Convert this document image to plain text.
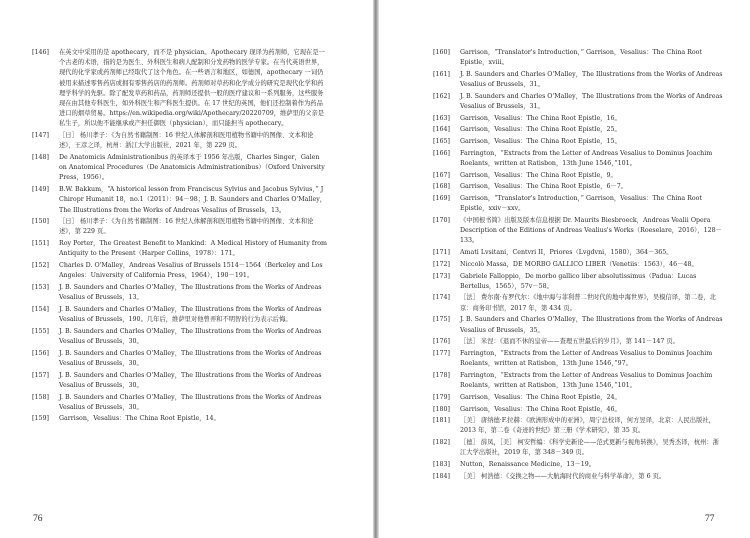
[146]	在英文中采用的是 apothecary，而不是 physician。Apothecary 现译为药剂师，它现在是一个古老的术语，指的是为医生、外科医生和病人配制和分发药物的医学专家。在当代英语世界，现代的化学家或药剂师已经取代了这个角色。在一些语言和地区，如德国，apothecary 一词仍被用来描述零售药店或拥有零售药店的药剂师。药剂师对草药和化学成分的研究是现代化学和药理学科学的先驱。除了配发草药和药品，药剂师还提供一般的医疗建议和一系列服务，这些服务现在由其他专科医生，如外科医生和产科医生提供。在 17 世纪的英国，他们还控制着作为药品进口的烟草贸易。https://en.wikipedia.org/wiki/Apothecary/20220709，维萨里的父亲是私生子，所以他不能继承或产担任御医（physician），而只能担当 apothecary。
[147]	［日］ 杨川孝子：《为自然书籍制图：16 世纪人体解剖和医用植物书籍中的图像、文本和论述》，王彦之译，杭州：浙江大学出版社，2021 年，第 229 页。
[148]	De Anatomicis Administrationibus 的英译本于 1956 年出版，Charles Singer，Galen on Anatomical Procedures（De Anatomicis Administrationibus）（Oxford University Press，1956）。
[149]	B.W. Bakkum，“A historical lesson from Franciscus Sylvius and Jacobus Sylvius，” J Chiropr Humanit 18，no.1（2011）：94－98；J. B. Saunders and Charles O'Malley，The Illustrations from the Works of Andreas Vesalius of Brussels，13。
[150]	［日］ 杨川孝子：《为自然书籍制图：16 世纪人体解剖和医用植物书籍中的图像、文本和论述》，第 229 页。
[151]	Roy Porter，The Greatest Benefit to Mankind：A Medical History of Humanity from Antiquity to the Present（Harper Collins，1978）：171。
[152]	Charles D. O'Malley，Andreas Vesalius of Brussels 1514－1564（Berkeley and Los Angeles：University of California Press，1964），190－191。
[153]	J. B. Saunders and Charles O'Malley，The Illustrations from the Works of Andreas Vesalius of Brussels，13。
[154]	J. B. Saunders and Charles O'Malley，The Illustrations from the Works of Andreas Vesalius of Brussels，190。几年后，维萨里对他曾弄和不明智的行为表示后悔。
[155]	J. B. Saunders and Charles O'Malley，The Illustrations from the Works of Andreas Vesalius of Brussels，30。
[156]	J. B. Saunders and Charles O'Malley，The Illustrations from the Works of Andreas Vesalius of Brussels，30。
[157]	J. B. Saunders and Charles O'Malley，The Illustrations from the Works of Andreas Vesalius of Brussels，30。
[158]	J. B. Saunders and Charles O'Malley，The Illustrations from the Works of Andreas Vesalius of Brussels，30。
[159]	Garrison，Vesalius：The China Root Epistle，14。
76
[160]	Garrison，“Translator's Introduction，” Garrison，Vesalius：The China Root Epistle，xviii。
[161]	J. B. Saunders and Charles O'Malley，The Illustrations from the Works of Andreas Vesalius of Brussels，31。
[162]	J. B. Saunders and Charles O'Malley，The Illustrations from the Works of Andreas Vesalius of Brussels，31。
[163]	Garrison，Vesalius：The China Root Epistle，16。
[164]	Garrison，Vesalius：The China Root Epistle，25。
[165]	Garrison，Vesalius：The China Root Epistle，15。
[166]	Farrington，“Extracts from the Letter of Andreas Vesalius to Dominus Joachim Roelants，written at Ratisbon，13th June 1546，”101。
[167]	Garrison，Vesalius：The China Root Epistle，9。
[168]	Garrison，Vesalius：The China Root Epistle，6－7。
[169]	Garrison，“Translator's Introduction，” Garrison，Vesalius：The China Root Epistle，xxiv－xxv。
[170]	《中国根书简》出版及版本信息根据 Dr. Maurits Biesbroeck，Andreas Vealii Opera Description of the Editions of Andreas Vealius's Works（Roeselare，2016），128－133。
[171]	Amati Lvsitani，Centvri II，Priores（Lvgdvni，1580），364－365。
[172]	Niccolò Massa，DE MORBO GALLICO LIBER（Venetiis：1563），46－48。
[173]	Gabriele Falloppio，De morbo gallico liber absolutissimus（Padua：Lucas Bertellus，1565），57v－58。
[174]	［法］ 费尔南·布罗代尔：《地中海与菲利普二世时代的地中海世界》，吴模信译，第二卷，北京：商务印书馆，2017 年，第 434 页。
[175]	J. B. Saunders and Charles O'Malley，The Illustrations from the Works of Andreas Vesalius of Brussels，35。
[176]	［法］ 米涅：《退而不休的皇帝——查理五世最后的岁月》，第 141－147 页。
[177]	Farrington，“Extracts from the Letter of Andreas Vesalius to Dominus Joachim Roelants，written at Ratisbon，13th June 1546，”97。
[178]	Farrington，“Extracts from the Letter of Andreas Vesalius to Dominus Joachim Roelants，written at Ratisbon，13th June 1546，”101。
[179]	Garrison，Vesalius：The China Root Epistle，24。
[180]	Garrison，Vesalius：The China Root Epistle，46。
[181]	［美］ 唐纳德·F.拉赫：《欧洲形成中的亚洲》，周宁总校译，何方昱译，北京：人民出版社，2013 年，第二卷《奇迹的世纪》第三册《学术研究》，第 35 页。
[182]	［德］ 薛凤，［美］ 柯安哲编：《科学史新论——范式更新与视角转换》，吴秀杰译，杭州：浙江大学出版社，2019 年，第 348－349 页。
[183]	Nutton，Renaissance Medicine，13－19。
[184]	［美］ 柯浩德：《交换之物——大航海时代的商业与科学革命》，第 6 页。
77
